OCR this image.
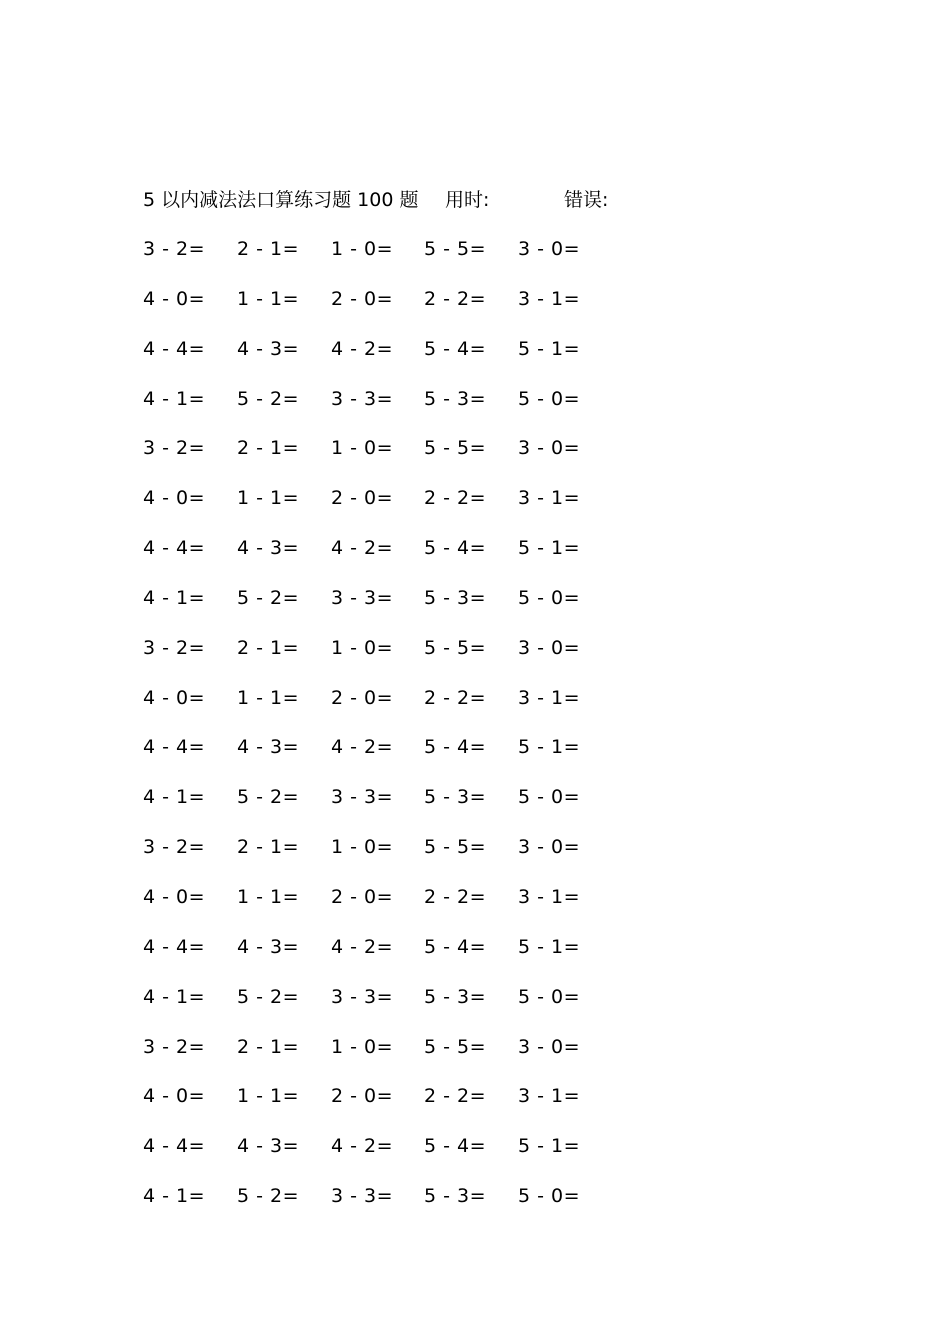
5 以内减法法口算练习题 100 题 用时:	错误:
3 - 2= 2 - 1= 1 - 0= 5 - 5= 3 - 0=
4 - 0= 1 - 1= 2 - 0= 2 - 2= 3 - 1=
4 - 4= 4 - 3= 4 - 2= 5 - 4= 5 - 1=
4 - 1= 5 - 2= 3 - 3= 5 - 3= 5 - 0=
3 - 2= 2 - 1= 1 - 0= 5 - 5= 3 - 0=
4 - 0= 1 - 1= 2 - 0= 2 - 2= 3 - 1=
4 - 4= 4 - 3= 4 - 2= 5 - 4= 5 - 1=
4 - 1= 5 - 2= 3 - 3= 5 - 3= 5 - 0=
3 - 2= 2 - 1= 1 - 0= 5 - 5= 3 - 0=
4 - 0= 1 - 1= 2 - 0= 2 - 2= 3 - 1=
4 - 4= 4 - 3= 4 - 2= 5 - 4= 5 - 1=
4 - 1= 5 - 2= 3 - 3= 5 - 3= 5 - 0=
3 - 2= 2 - 1= 1 - 0= 5 - 5= 3 - 0=
4 - 0= 1 - 1= 2 - 0= 2 - 2= 3 - 1=
4 - 4= 4 - 3= 4 - 2= 5 - 4= 5 - 1=
4 - 1= 5 - 2= 3 - 3= 5 - 3= 5 - 0=
3 - 2= 2 - 1= 1 - 0= 5 - 5= 3 - 0=
4 - 0= 1 - 1= 2 - 0= 2 - 2= 3 - 1=
4 - 4= 4 - 3= 4 - 2= 5 - 4= 5 - 1=
4 - 1= 5 - 2= 3 - 3= 5 - 3= 5 - 0=
